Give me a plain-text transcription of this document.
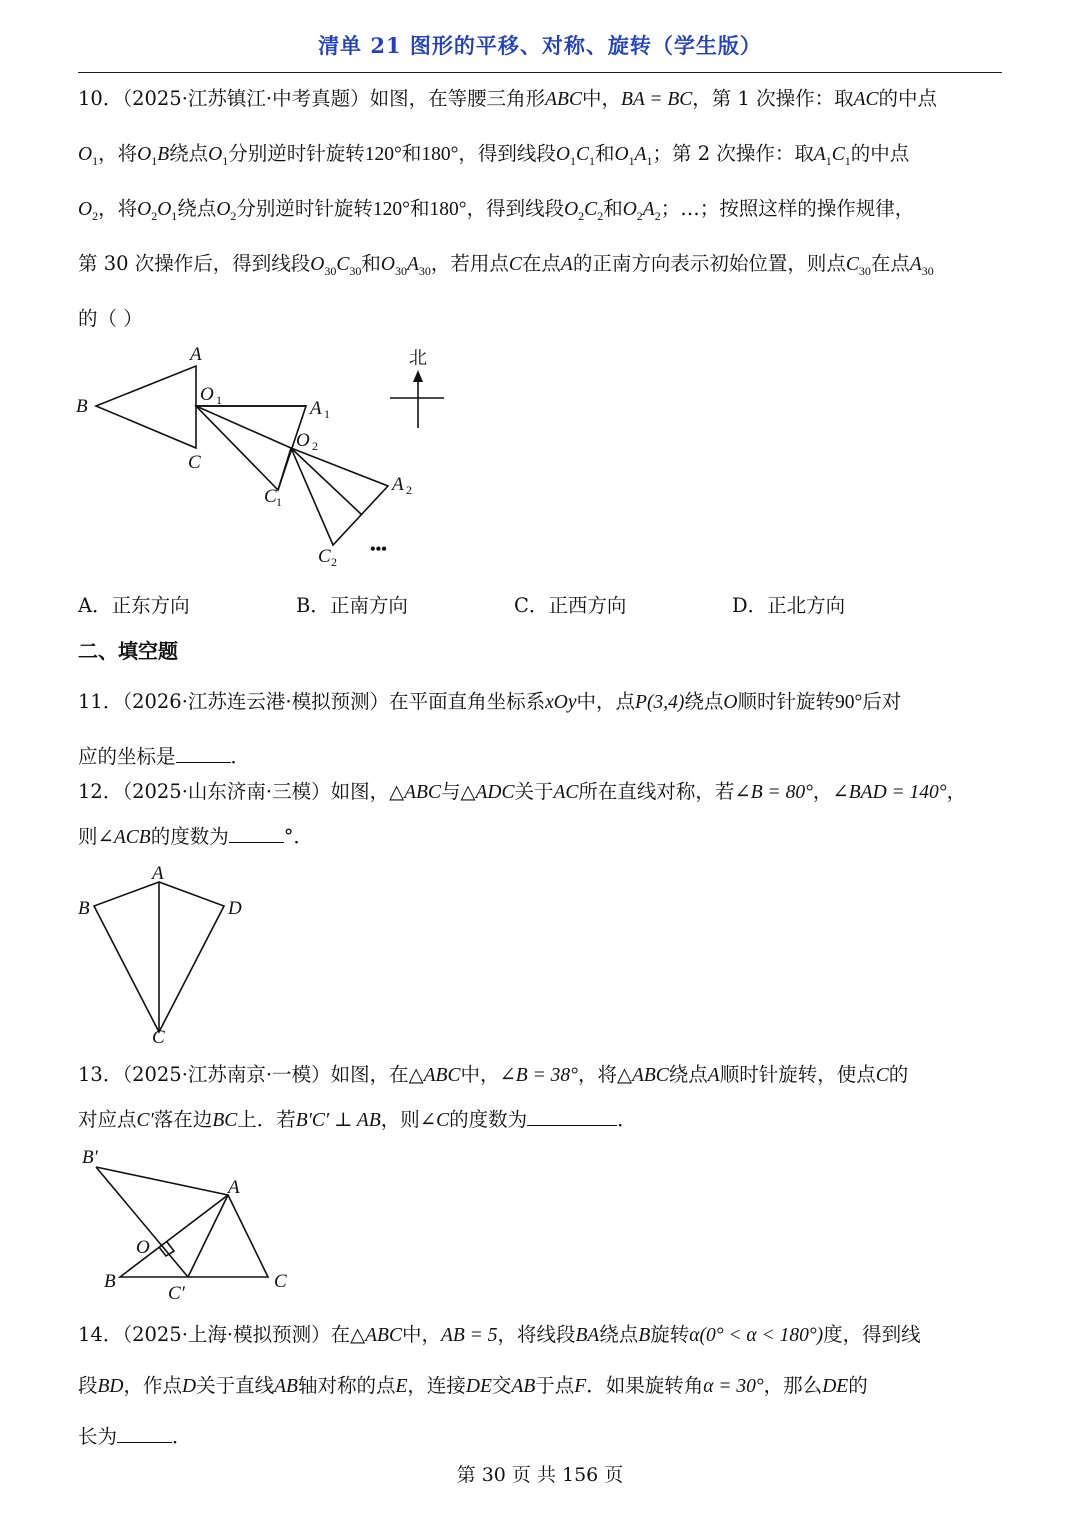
清单 21 图形的平移、对称、旋转（学生版）
10．（2025·江苏镇江·中考真题）如图，在等腰三角形ABC中，BA = BC，第 1 次操作：取AC的中点
$O_1$，将$O_1B$绕点$O_1$分别逆时针旋转120°和180°，得到线段$O_1C_1$和$O_1A_1$；第 2 次操作：取$A_1C_1$的中点
$O_2$，将$O_2O_1$绕点$O_2$分别逆时针旋转120°和180°，得到线段$O_2C_2$和$O_2A_2$；…；按照这样的操作规律，
第 30 次操作后，得到线段$O_{30}C_{30}$和$O_{30}A_{30}$，若用点C在点A的正南方向表示初始位置，则点$C_{30}$在点$A_{30}$
的（ ）
北
A
B
C
O 1	A 1
O 2
C 1
A 2
C 2
•••
A．正东方向	B．正南方向	C．正西方向	D．正北方向
二、填空题
11．（2026·江苏连云港·模拟预测）在平面直角坐标系xOy中，点P(3,4)绕点O顺时针旋转90°后对
应的坐标是	．
12．（2025·山东济南·三模）如图，△ABC与△ADC关于AC所在直线对称，若∠B = 80°，∠BAD = 140°，
则∠ACB的度数为	°．
A
B	D
C
13．（2025·江苏南京·一模）如图，在△ABC中，∠B = 38°，将△ABC绕点A顺时针旋转，使点C的
对应点C′落在边BC上．若B′C′ ⊥ AB，则∠C的度数为	．
B′
A
O
B
C′
C
14．（2025·上海·模拟预测）在△ABC中，AB = 5，将线段BA绕点B旋转α(0° < α < 180°)度，得到线
段BD，作点D关于直线AB轴对称的点E，连接DE交AB于点F．如果旋转角α = 30°，那么DE的
长为	．
第 30 页 共 156 页
